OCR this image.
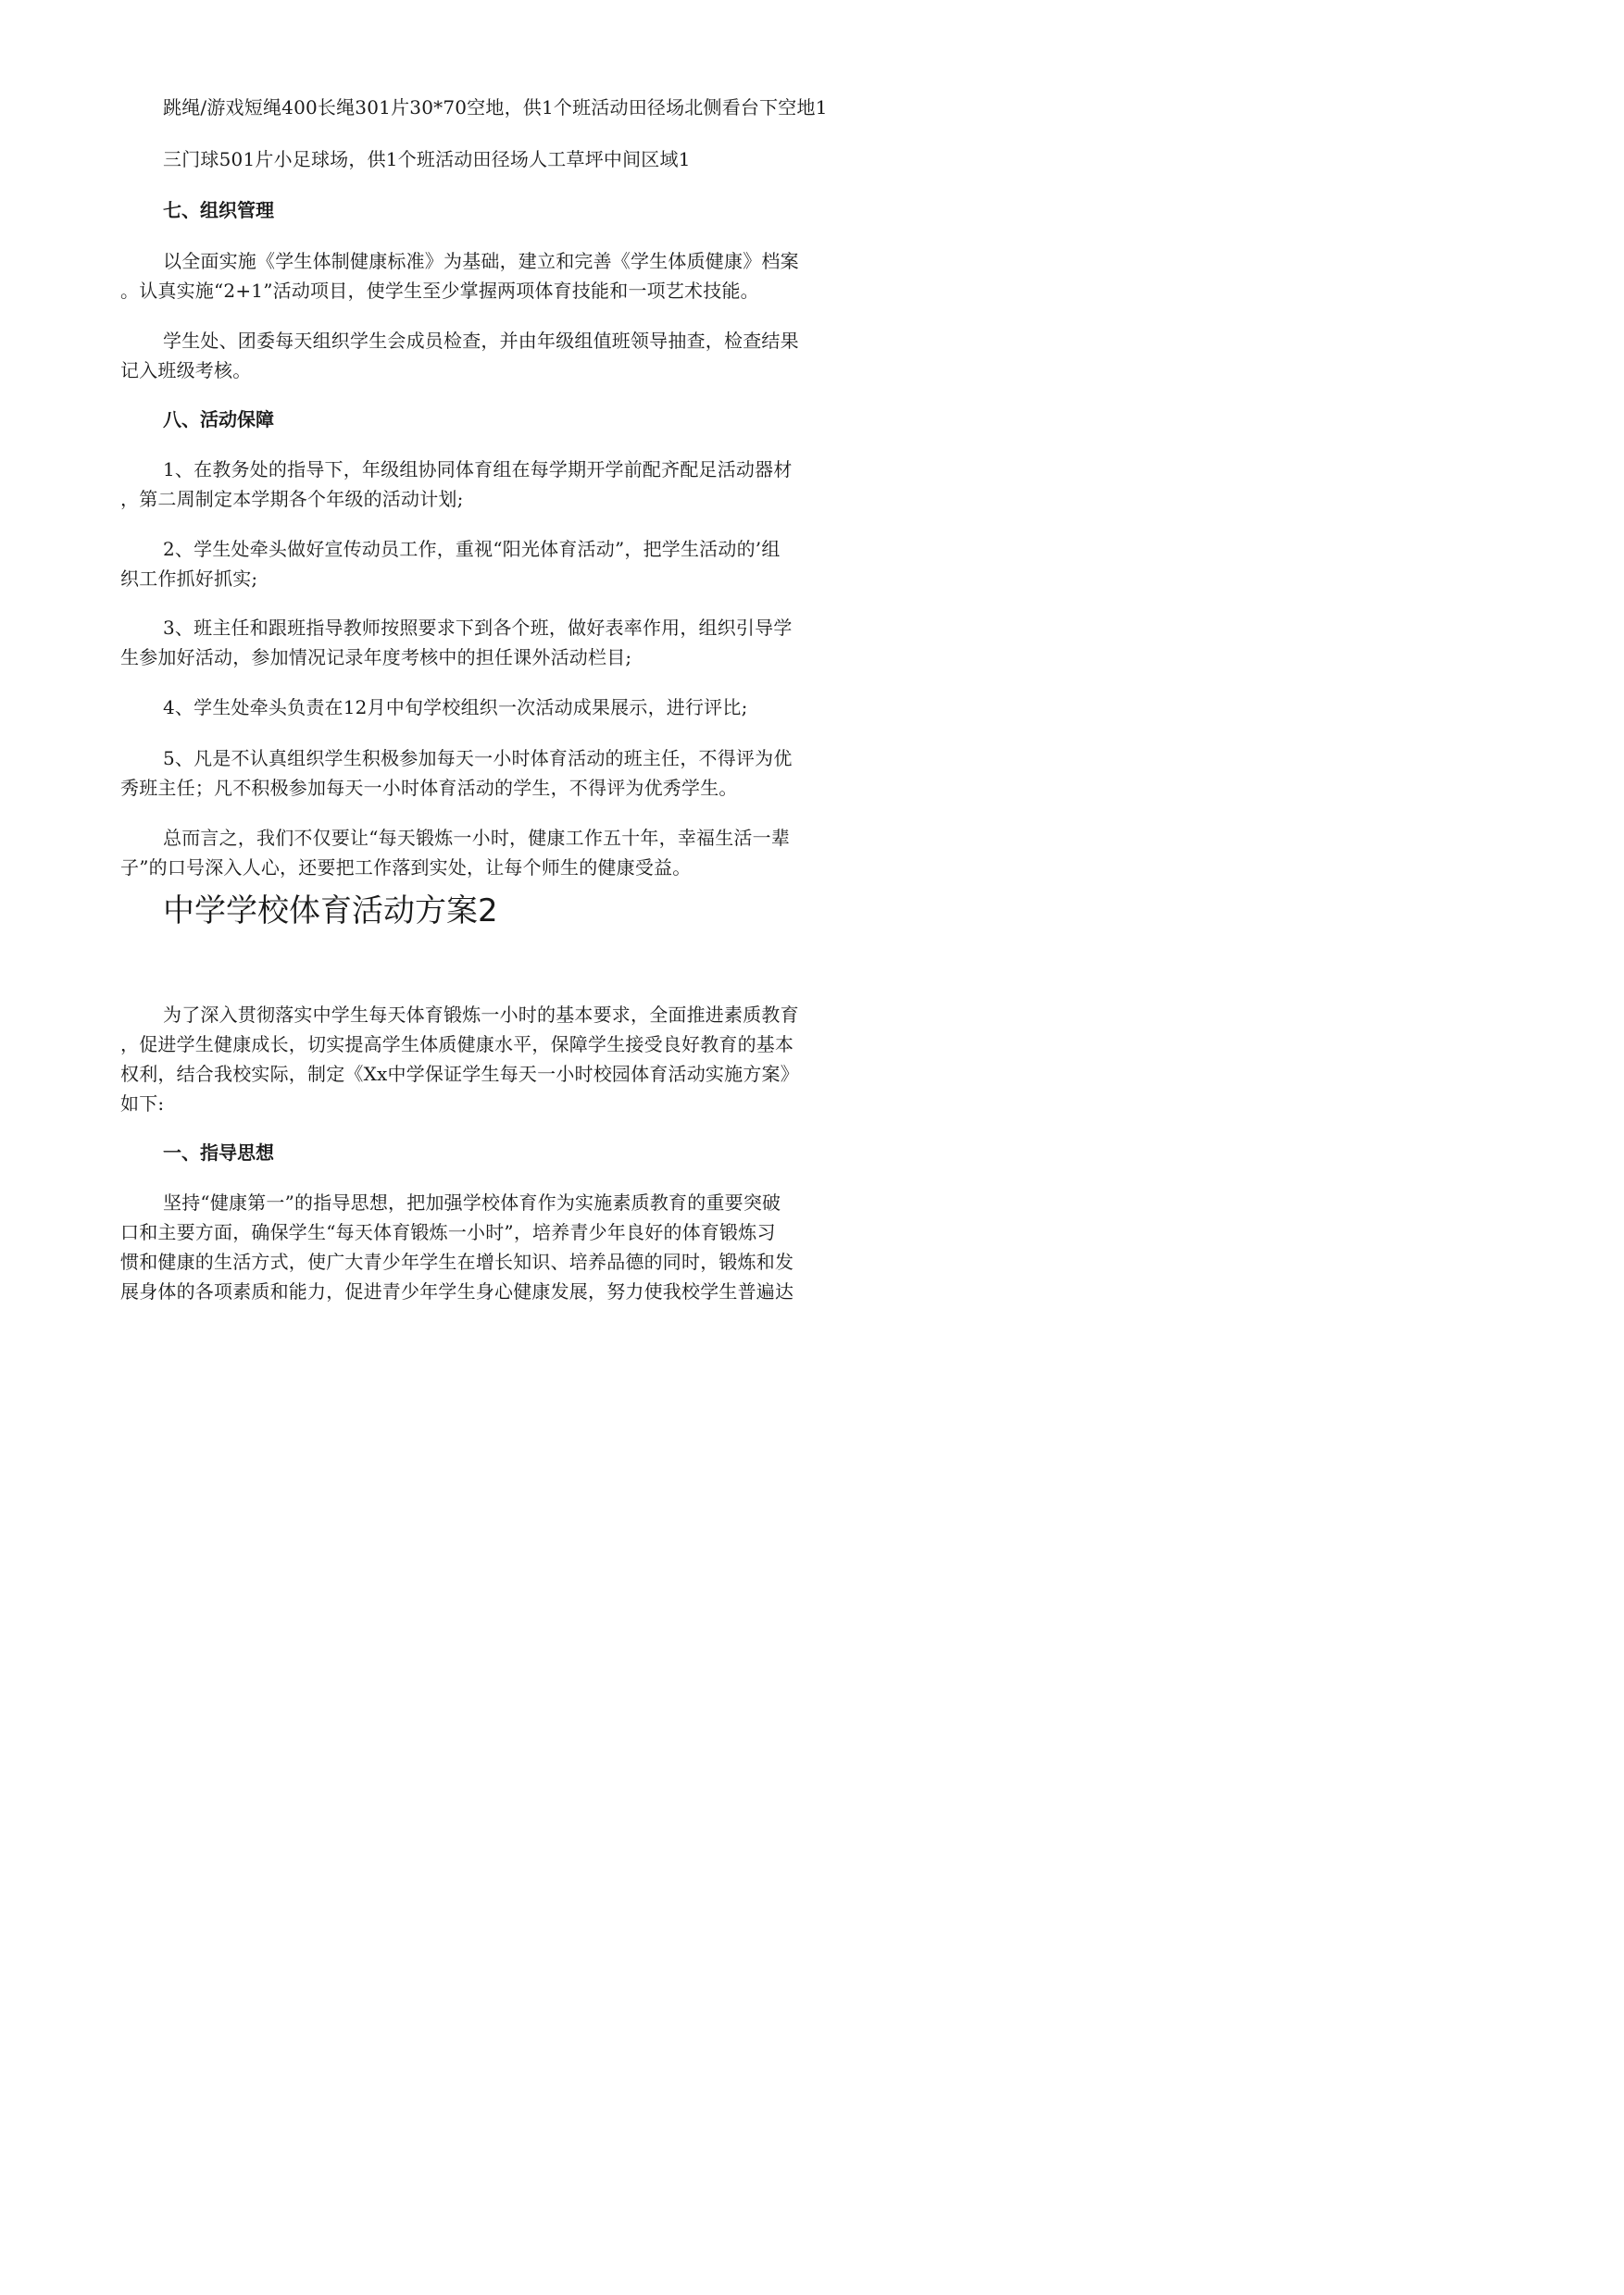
跳绳/游戏短绳400长绳301片30*70空地，供1个班活动田径场北侧看台下空地1
三门球501片小足球场，供1个班活动田径场人工草坪中间区域1
七、组织管理
以全面实施《学生体制健康标准》为基础，建立和完善《学生体质健康》档案
。认真实施“2+1”活动项目，使学生至少掌握两项体育技能和一项艺术技能。
学生处、团委每天组织学生会成员检查，并由年级组值班领导抽查，检查结果
记入班级考核。
八、活动保障
1、在教务处的指导下，年级组协同体育组在每学期开学前配齐配足活动器材
，第二周制定本学期各个年级的活动计划;
2、学生处牵头做好宣传动员工作，重视“阳光体育活动”，把学生活动的’组
织工作抓好抓实;
3、班主任和跟班指导教师按照要求下到各个班，做好表率作用，组织引导学
生参加好活动，参加情况记录年度考核中的担任课外活动栏目;
4、学生处牵头负责在12月中旬学校组织一次活动成果展示，进行评比;
5、凡是不认真组织学生积极参加每天一小时体育活动的班主任，不得评为优
秀班主任；凡不积极参加每天一小时体育活动的学生，不得评为优秀学生。
总而言之，我们不仅要让“每天锻炼一小时，健康工作五十年，幸福生活一辈
子”的口号深入人心，还要把工作落到实处，让每个师生的健康受益。
中学学校体育活动方案2
为了深入贯彻落实中学生每天体育锻炼一小时的基本要求，全面推进素质教育
，促进学生健康成长，切实提高学生体质健康水平，保障学生接受良好教育的基本
权利，结合我校实际，制定《Xx中学保证学生每天一小时校园体育活动实施方案》
如下:
一、指导思想
坚持“健康第一”的指导思想，把加强学校体育作为实施素质教育的重要突破
口和主要方面，确保学生“每天体育锻炼一小时”，培养青少年良好的体育锻炼习
惯和健康的生活方式，使广大青少年学生在增长知识、培养品德的同时，锻炼和发
展身体的各项素质和能力，促进青少年学生身心健康发展，努力使我校学生普遍达
